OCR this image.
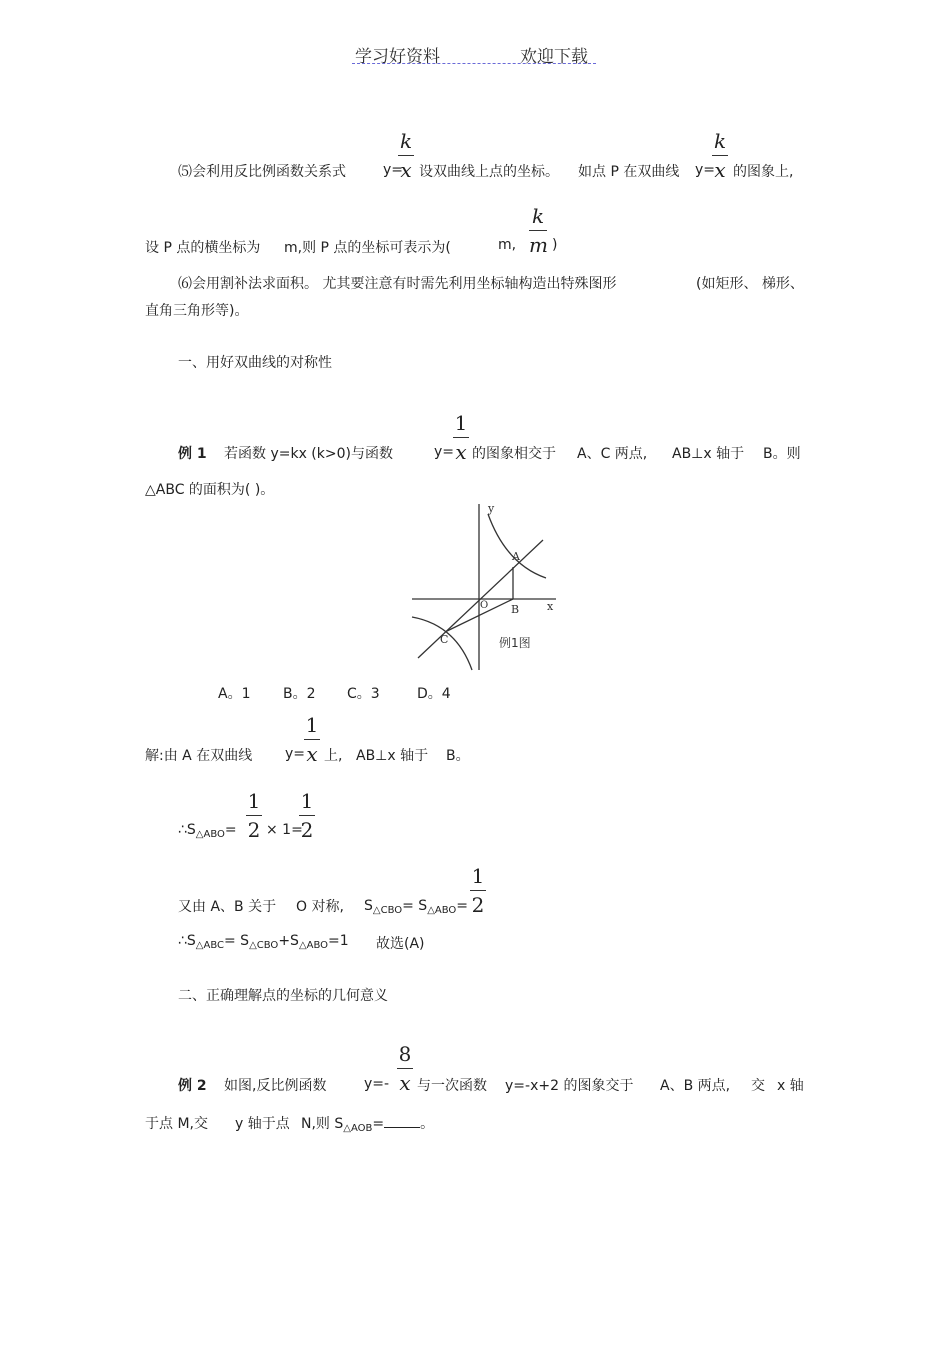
学习好资料	欢迎下载
⑸会利用反比例函数关系式	y=
k
x 设双曲线上点的坐标。 如点 P 在双曲线 y=
k
x 的图象上,
设 P 点的横坐标为 m,则 P 点的坐标可表示为(	m,
k
m )
⑹会用割补法求面积。 尤其要注意有时需先利用坐标轴构造出特殊图形	(如矩形、 梯形、
直角三角形等)。
一、用好双曲线的对称性
例 1 若函数 y=kx (k>0)与函数	y=
1
x 的图象相交于 A、C 两点, AB⊥x 轴于 B。则
△ABC 的面积为( )。
y
x
A
B
O
C	例1图
A。1 B。2 C。3	D。4
解:由 A 在双曲线 y=
1
x 上, AB⊥x 轴于 B。
$\therefore S_{\triangle ABO}=$
1
2 × 1=
1
2
又由 A、B 关于 O 对称, $S_{\triangle CBO}= S_{\triangle ABO}=$
1
2
$\therefore S_{\triangle ABC}= S_{\triangle CBO}+S_{\triangle ABO}=1$ 故选(A)
二、正确理解点的坐标的几何意义
例 2 如图,反比例函数	y=-
8
x 与一次函数 y=-x+2 的图象交于 A、B 两点, 交 x 轴
于点 M,交 y 轴于点 N,则 $S_{\triangle AOB}=$	。
